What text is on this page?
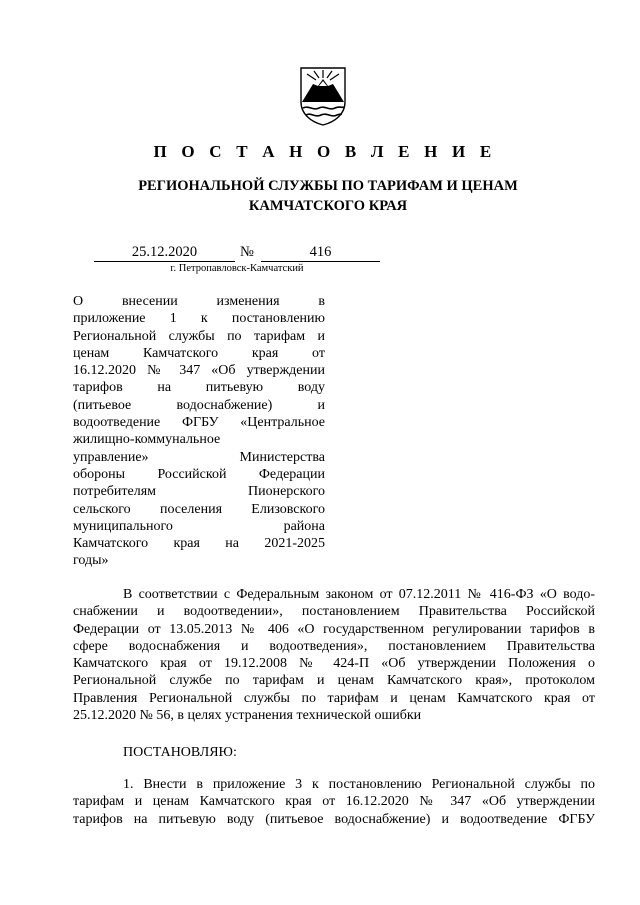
П О С Т А Н О В Л Е Н И Е
РЕГИОНАЛЬНОЙ СЛУЖБЫ ПО ТАРИФАМ И ЦЕНАМ
КАМЧАТСКОГО КРАЯ
25.12.2020	№	416
г. Петропавловск-Камчатский
О внесении изменения в
приложение 1 к постановлению
Региональной службы по тарифам и
ценам Камчатского края от
16.12.2020 № 347 «Об утверждении
тарифов на питьевую воду
(питьевое водоснабжение) и
водоотведение ФГБУ «Центральное
жилищно-коммунальное
управление» Министерства
обороны Российской Федерации
потребителям Пионерского
сельского поселения Елизовского
муниципального района
Камчатского края на 2021-2025
годы»
В соответствии с Федеральным законом от 07.12.2011 № 416-ФЗ «О водо-
снабжении и водоотведении», постановлением Правительства Российской
Федерации от 13.05.2013 № 406 «О государственном регулировании тарифов в
сфере водоснабжения и водоотведения», постановлением Правительства
Камчатского края от 19.12.2008 № 424-П «Об утверждении Положения о
Региональной службе по тарифам и ценам Камчатского края», протоколом
Правления Региональной службы по тарифам и ценам Камчатского края от
25.12.2020 № 56, в целях устранения технической ошибки
ПОСТАНОВЛЯЮ:
1. Внести в приложение 3 к постановлению Региональной службы по
тарифам и ценам Камчатского края от 16.12.2020 № 347 «Об утверждении
тарифов на питьевую воду (питьевое водоснабжение) и водоотведение ФГБУ
